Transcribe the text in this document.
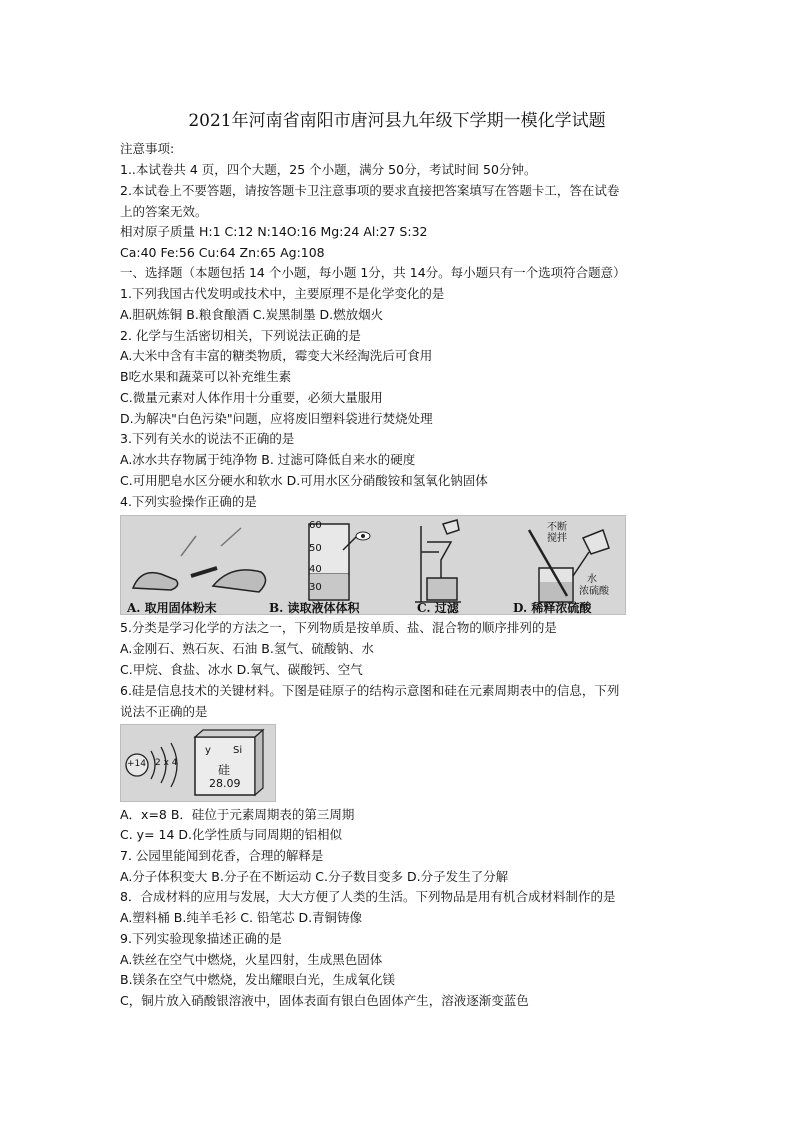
2021年河南省南阳市唐河县九年级下学期一模化学试题
注意事项:
1..本试卷共 4 页，四个大题，25 个小题，满分 50分，考试时间 50分钟。
2.本试卷上不要答题，请按答题卡卫注意事项的要求直接把答案填写在答题卡工，答在试卷
上的答案无效。
相对原子质量 H:1 C:12 N:14O:16 Mg:24 Al:27 S:32
Ca:40 Fe:56 Cu:64 Zn:65 Ag:108
一、选择题（本题包括 14 个小题，每小题 1分，共 14分。每小题只有一个选项符合题意）
1.下列我国古代发明或技术中，主要原理不是化学变化的是
A.胆矾炼铜 B.粮食酿酒 C.炭黑制墨 D.燃放烟火
2. 化学与生活密切相关，下列说法正确的是
A.大米中含有丰富的糖类物质，霉变大米经淘洗后可食用
B吃水果和蔬菜可以补充维生素
C.微量元素对人体作用十分重要，必须大量服用
D.为解决"白色污染"问题，应将废旧塑料袋进行焚烧处理
3.下列有关水的说法不正确的是
A.冰水共存物属于纯净物 B. 过滤可降低自来水的硬度
C.可用肥皂水区分硬水和软水 D.可用水区分硝酸铵和氢氧化钠固体
4.下列实验操作正确的是
60
50
40
30
不断
搅拌
水
浓硫酸
A. 取用固体粉末	B. 读取液体体积	C. 过滤	D. 稀释浓硫酸
5.分类是学习化学的方法之一，下列物质是按单质、盐、混合物的顺序排列的是
A.金刚石、熟石灰、石油 B.氢气、硫酸钠、水
C.甲烷、食盐、冰水 D.氧气、碳酸钙、空气
6.硅是信息技术的关键材料。下图是硅原子的结构示意图和硅在元素周期表中的信息，下列
说法不正确的是
+14 2 x 4
y Si
硅
28.09
A．x=8 B．硅位于元素周期表的第三周期
C. y= 14 D.化学性质与同周期的铝相似
7. 公园里能闻到花香，合理的解释是
A.分子体积变大 B.分子在不断运动 C.分子数目变多 D.分子发生了分解
8．合成材料的应用与发展，大大方便了人类的生活。下列物品是用有机合成材料制作的是
A.塑料桶 B.纯羊毛衫 C. 铅笔芯 D.青铜铸像
9.下列实验现象描述正确的是
A.铁丝在空气中燃烧，火星四射，生成黑色固体
B.镁条在空气中燃烧，发出耀眼白光，生成氧化镁
C，铜片放入硝酸银溶液中，固体表面有银白色固体产生，溶液逐渐变蓝色
